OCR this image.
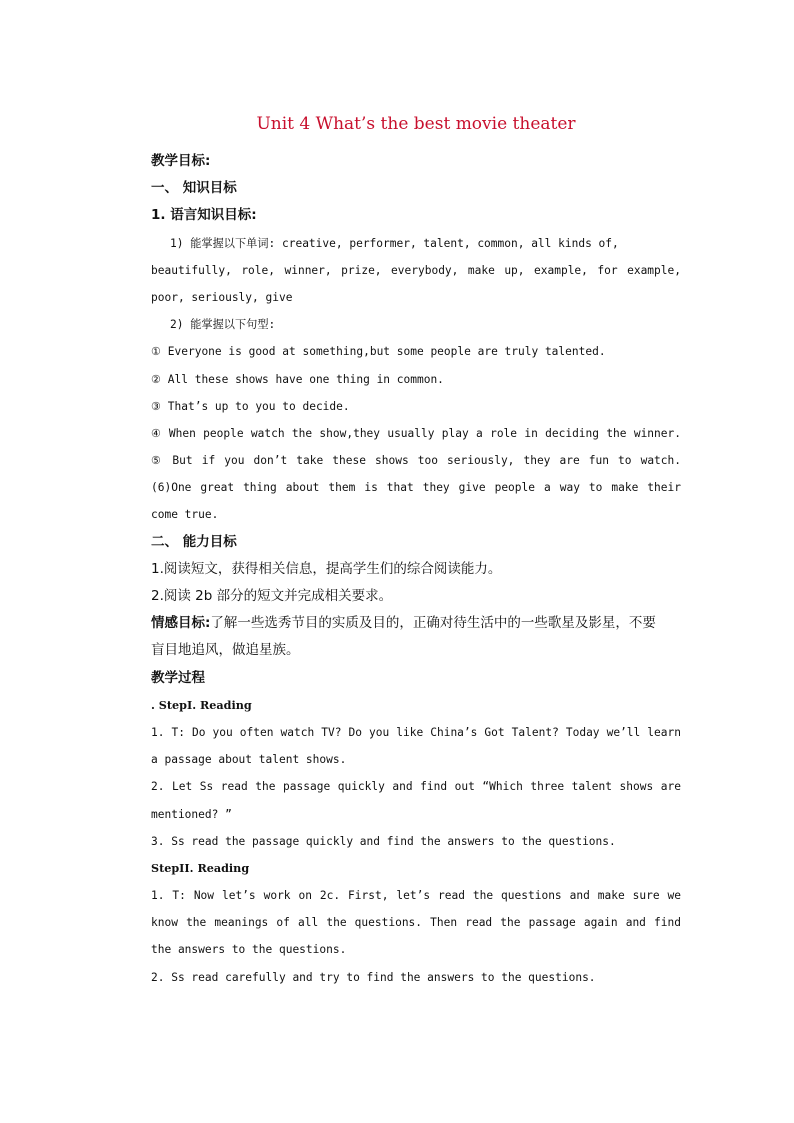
Unit 4 What’s the best movie theater
教学目标:
一、 知识目标
1. 语言知识目标:
1) 能掌握以下单词: creative, performer, talent, common, all kinds of,
beautifully, role, winner, prize, everybody, make up, example, for example,
poor, seriously, give
2) 能掌握以下句型:
① Everyone is good at something,but some people are truly talented.
② All these shows have one thing in common.
③ That’s up to you to decide.
④ When people watch the show,they usually play a role in deciding the winner.
⑤ But if you don’t take these shows too seriously, they are fun to watch.
(6)One great thing about them is that they give people a way to make their
come true.
二、 能力目标
1.阅读短文，获得相关信息，提高学生们的综合阅读能力。
2.阅读 2b 部分的短文并完成相关要求。
情感目标:了解一些选秀节目的实质及目的，正确对待生活中的一些歌星及影星，不要
盲目地追风，做追星族。
教学过程
. StepI. Reading
1. T: Do you often watch TV? Do you like China’s Got Talent? Today we’ll learn
a passage about talent shows.
2. Let Ss read the passage quickly and find out “Which three talent shows are
mentioned? ”
3. Ss read the passage quickly and find the answers to the questions.
StepII. Reading
1. T: Now let’s work on 2c. First, let’s read the questions and make sure we
know the meanings of all the questions. Then read the passage again and find
the answers to the questions.
2. Ss read carefully and try to find the answers to the questions.
